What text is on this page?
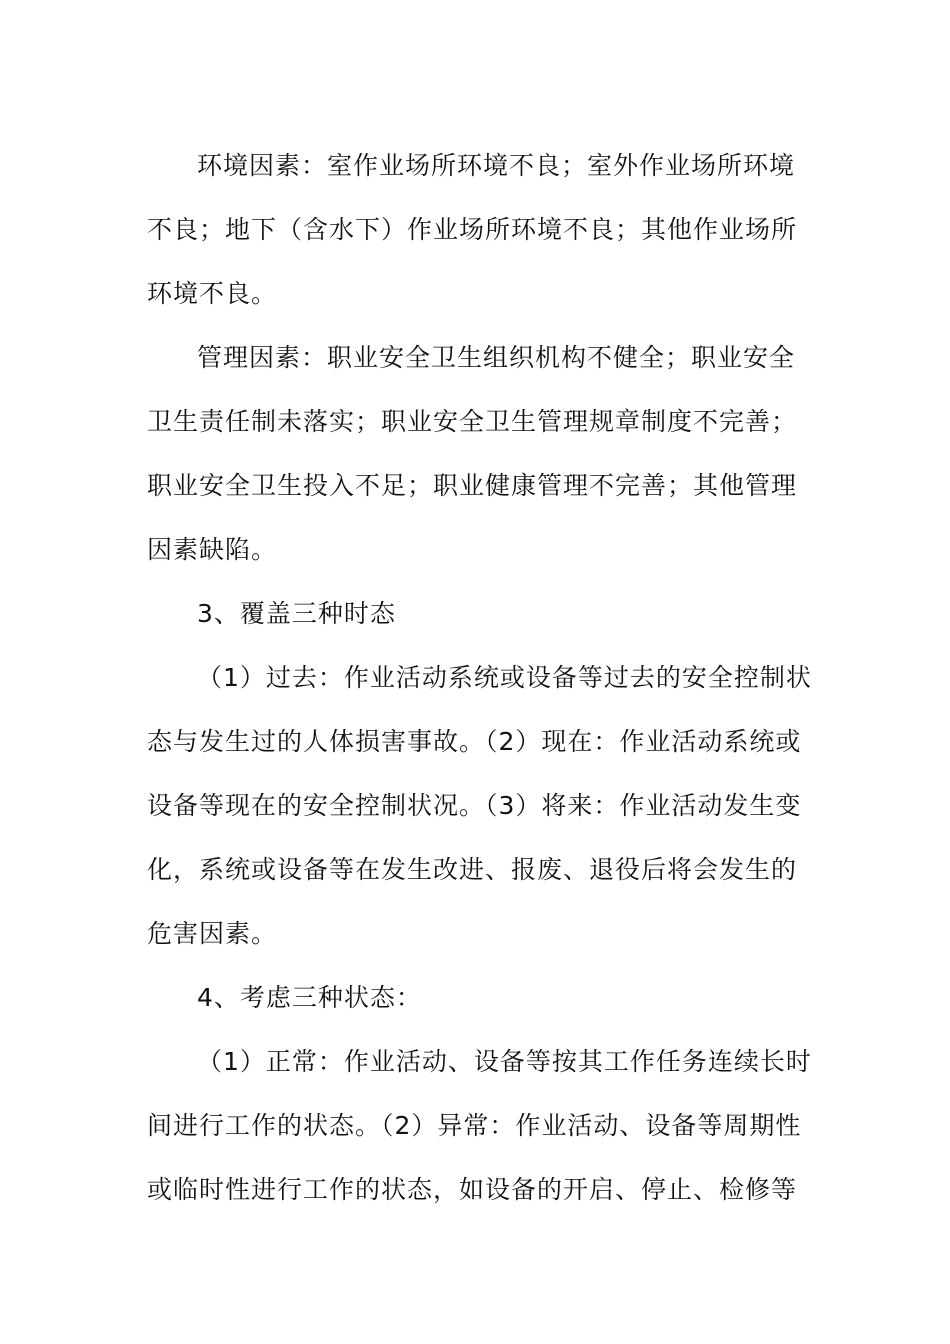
环境因素：室作业场所环境不良；室外作业场所环境
不良；地下（含水下）作业场所环境不良；其他作业场所
环境不良。
管理因素：职业安全卫生组织机构不健全；职业安全
卫生责任制未落实；职业安全卫生管理规章制度不完善；
职业安全卫生投入不足；职业健康管理不完善；其他管理
因素缺陷。
3、覆盖三种时态
（1）过去：作业活动系统或设备等过去的安全控制状
态与发生过的人体损害事故。（2）现在：作业活动系统或
设备等现在的安全控制状况。（3）将来：作业活动发生变
化，系统或设备等在发生改进、报废、退役后将会发生的
危害因素。
4、考虑三种状态：
（1）正常：作业活动、设备等按其工作任务连续长时
间进行工作的状态。（2）异常：作业活动、设备等周期性
或临时性进行工作的状态，如设备的开启、停止、检修等
